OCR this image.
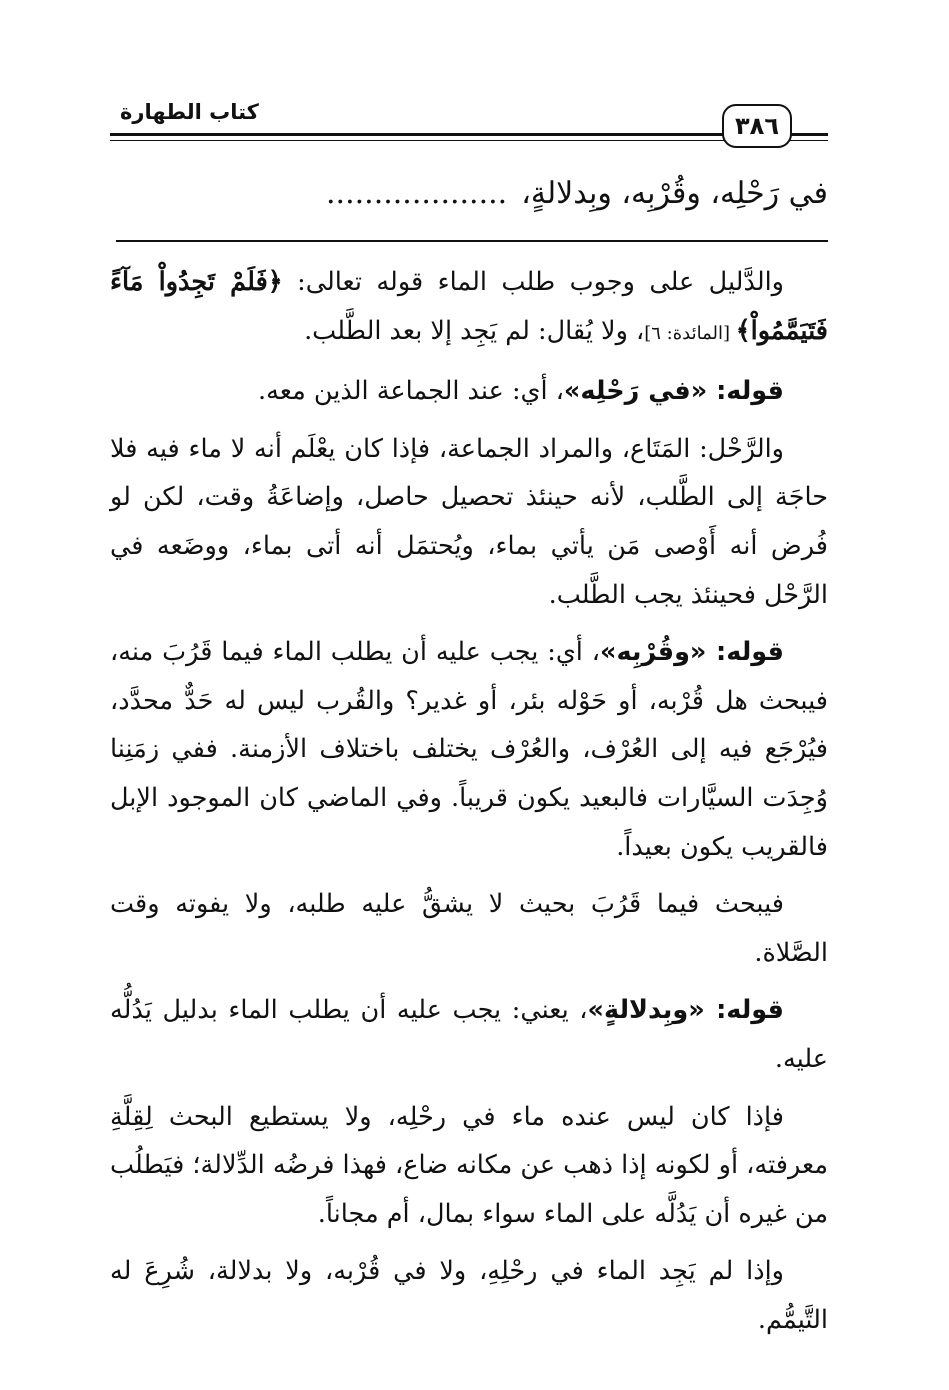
كتاب الطهارة	٣٨٦
في رَحْلِه، وقُرْبِه، وبِدلالةٍ،...................

والدَّليل على وجوب طلب الماء قوله تعالى: ﴿فَلَمْ تَجِدُواْ مَآءً فَتَيَمَّمُواْ﴾ [المائدة: ٦]، ولا يُقال: لم يَجِد إلا بعد الطَّلب.

قوله: «في رَحْلِه»، أي: عند الجماعة الذين معه.

والرَّحْل: المَتَاع، والمراد الجماعة، فإذا كان يعْلَم أنه لا ماء فيه فلا حاجَة إلى الطَّلب، لأنه حينئذ تحصيل حاصل، وإضاعَةُ وقت، لكن لو فُرض أنه أَوْصى مَن يأتي بماء، ويُحتمَل أنه أتى بماء، ووضَعه في الرَّحْل فحينئذ يجب الطَّلب.

قوله: «وقُرْبِه»، أي: يجب عليه أن يطلب الماء فيما قَرُبَ منه، فيبحث هل قُرْبه، أو حَوْله بئر، أو غدير؟ والقُرب ليس له حَدٌّ محدَّد، فيُرْجَع فيه إلى العُرْف، والعُرْف يختلف باختلاف الأزمنة. ففي زمَنِنا وُجِدَت السيَّارات فالبعيد يكون قريباً. وفي الماضي كان الموجود الإبل فالقريب يكون بعيداً.

فيبحث فيما قَرُبَ بحيث لا يشقُّ عليه طلبه، ولا يفوته وقت الصَّلاة.

قوله: «وبِدلالةٍ»، يعني: يجب عليه أن يطلب الماء بدليل يَدُلُّه عليه.

فإذا كان ليس عنده ماء في رحْلِه، ولا يستطيع البحث لِقِلَّةِ معرفته، أو لكونه إذا ذهب عن مكانه ضاع، فهذا فرضُه الدِّلالة؛ فيَطلُب من غيره أن يَدُلَّه على الماء سواء بمال، أم مجاناً.

وإذا لم يَجِد الماء في رحْلِهِ، ولا في قُرْبه، ولا بدلالة، شُرِعَ له التَّيمُّم.
